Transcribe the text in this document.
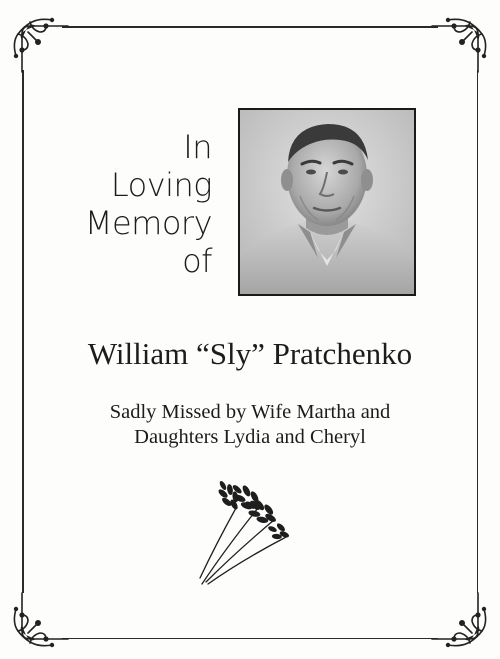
In
Loving
Memory
of
William “Sly” Pratchenko
Sadly Missed by Wife Martha and
Daughters Lydia and Cheryl
